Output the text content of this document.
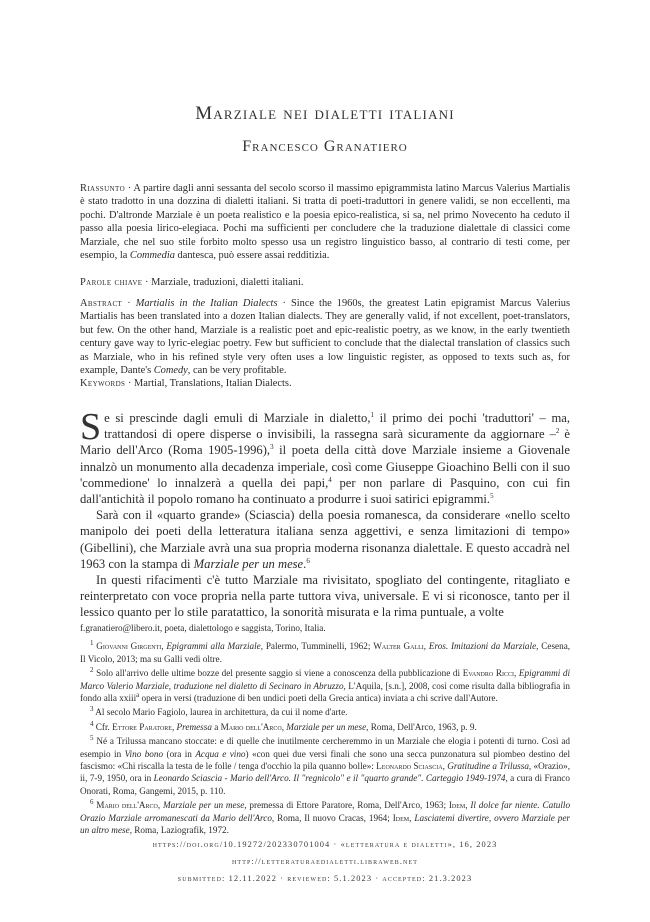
Marziale nei dialetti italiani
Francesco Granatiero

Riassunto · A partire dagli anni sessanta del secolo scorso il massimo epigrammista latino Marcus Valerius Martialis è stato tradotto in una dozzina di dialetti italiani. Si tratta di poeti-traduttori in genere validi, se non eccellenti, ma pochi. D'altronde Marziale è un poeta realistico e la poesia epico-realistica, si sa, nel primo Novecento ha ceduto il passo alla poesia lirico-elegiaca. Pochi ma sufficienti per concludere che la traduzione dialettale di classici come Marziale, che nel suo stile forbito molto spesso usa un registro linguistico basso, al contrario di testi come, per esempio, la Commedia dantesca, può essere assai redditizia.

Parole chiave · Marziale, traduzioni, dialetti italiani.

Abstract · Martialis in the Italian Dialects · Since the 1960s, the greatest Latin epigramist Marcus Valerius Martialis has been translated into a dozen Italian dialects. They are generally valid, if not excellent, poet-translators, but few. On the other hand, Marziale is a realistic poet and epic-realistic poetry, as we know, in the early twentieth century gave way to lyric-elegiac poetry. Few but sufficient to conclude that the dialectal translation of classics such as Marziale, who in his refined style very often uses a low linguistic register, as opposed to texts such as, for example, Dante's Comedy, can be very profitable.

Keywords · Martial, Translations, Italian Dialects.

Se si prescinde dagli emuli di Marziale in dialetto,$^1$ il primo dei pochi 'traduttori' – ma, trattandosi di opere disperse o invisibili, la rassegna sarà sicuramente da aggiornare –$^2$ è Mario dell'Arco (Roma 1905-1996),$^3$ il poeta della città dove Marziale insieme a Giovenale innalzò un monumento alla decadenza imperiale, così come Giuseppe Gioachino Belli con il suo 'commedione' lo innalzerà a quella dei papi,$^4$ per non parlare di Pasquino, con cui fin dall'antichità il popolo romano ha continuato a produrre i suoi satirici epigrammi.$^5$

Sarà con il «quarto grande» (Sciascia) della poesia romanesca, da considerare «nello scelto manipolo dei poeti della letteratura italiana senza aggettivi, e senza limitazioni di tempo» (Gibellini), che Marziale avrà una sua propria moderna risonanza dialettale. E questo accadrà nel 1963 con la stampa di Marziale per un mese.$^6$

In questi rifacimenti c'è tutto Marziale ma rivisitato, spogliato del contingente, ritagliato e reinterpretato con voce propria nella parte tuttora viva, universale. E vi si riconosce, tanto per il lessico quanto per lo stile paratattico, la sonorità misurata e la rima puntuale, a volte

f.granatiero@libero.it, poeta, dialettologo e saggista, Torino, Italia.

$^1$ Giovanni Girgenti, Epigrammi alla Marziale, Palermo, Tumminelli, 1962; Walter Galli, Eros. Imitazioni da Marziale, Cesena, Il Vicolo, 2013; ma su Galli vedi oltre.

$^2$ Solo all'arrivo delle ultime bozze del presente saggio si viene a conoscenza della pubblicazione di Evandro Ricci, Epigrammi di Marco Valerio Marziale, traduzione nel dialetto di Secinaro in Abruzzo, L'Aquila, [s.n.], 2008, così come risulta dalla bibliografia in fondo alla xxiii$^a$ opera in versi (traduzione di ben undici poeti della Grecia antica) inviata a chi scrive dall'Autore.

$^3$ Al secolo Mario Fagiolo, laurea in architettura, da cui il nome d'arte.

$^4$ Cfr. Ettore Paratore, Premessa a Mario dell'Arco, Marziale per un mese, Roma, Dell'Arco, 1963, p. 9.

$^5$ Né a Trilussa mancano stoccate: e di quelle che inutilmente cercheremmo in un Marziale che elogia i potenti di turno. Così ad esempio in Vino bono (ora in Acqua e vino) «con quei due versi finali che sono una secca punzonatura sul piombeo destino del fascismo: «Chi riscalla la testa de le folle / tenga d'occhio la pila quanno bolle»: Leonardo Sciascia, Gratitudine a Trilussa, «Orazio», ii, 7-9, 1950, ora in Leonardo Sciascia - Mario dell'Arco. Il "regnicolo" e il "quarto grande". Carteggio 1949-1974, a cura di Franco Onorati, Roma, Gangemi, 2015, p. 110.

$^6$ Mario dell'Arco, Marziale per un mese, premessa di Ettore Paratore, Roma, Dell'Arco, 1963; Idem, Il dolce far niente. Catullo Orazio Marziale arromanescati da Mario dell'Arco, Roma, Il nuovo Cracas, 1964; Idem, Lasciatemi divertire, ovvero Marziale per un altro mese, Roma, Laziografik, 1972.

https://doi.org/10.19272/202330701004 · «letteratura e dialetti», 16, 2023
http://letteraturaedialetti.libraweb.net
submitted: 12.11.2022 · reviewed: 5.1.2023 · accepted: 21.3.2023
